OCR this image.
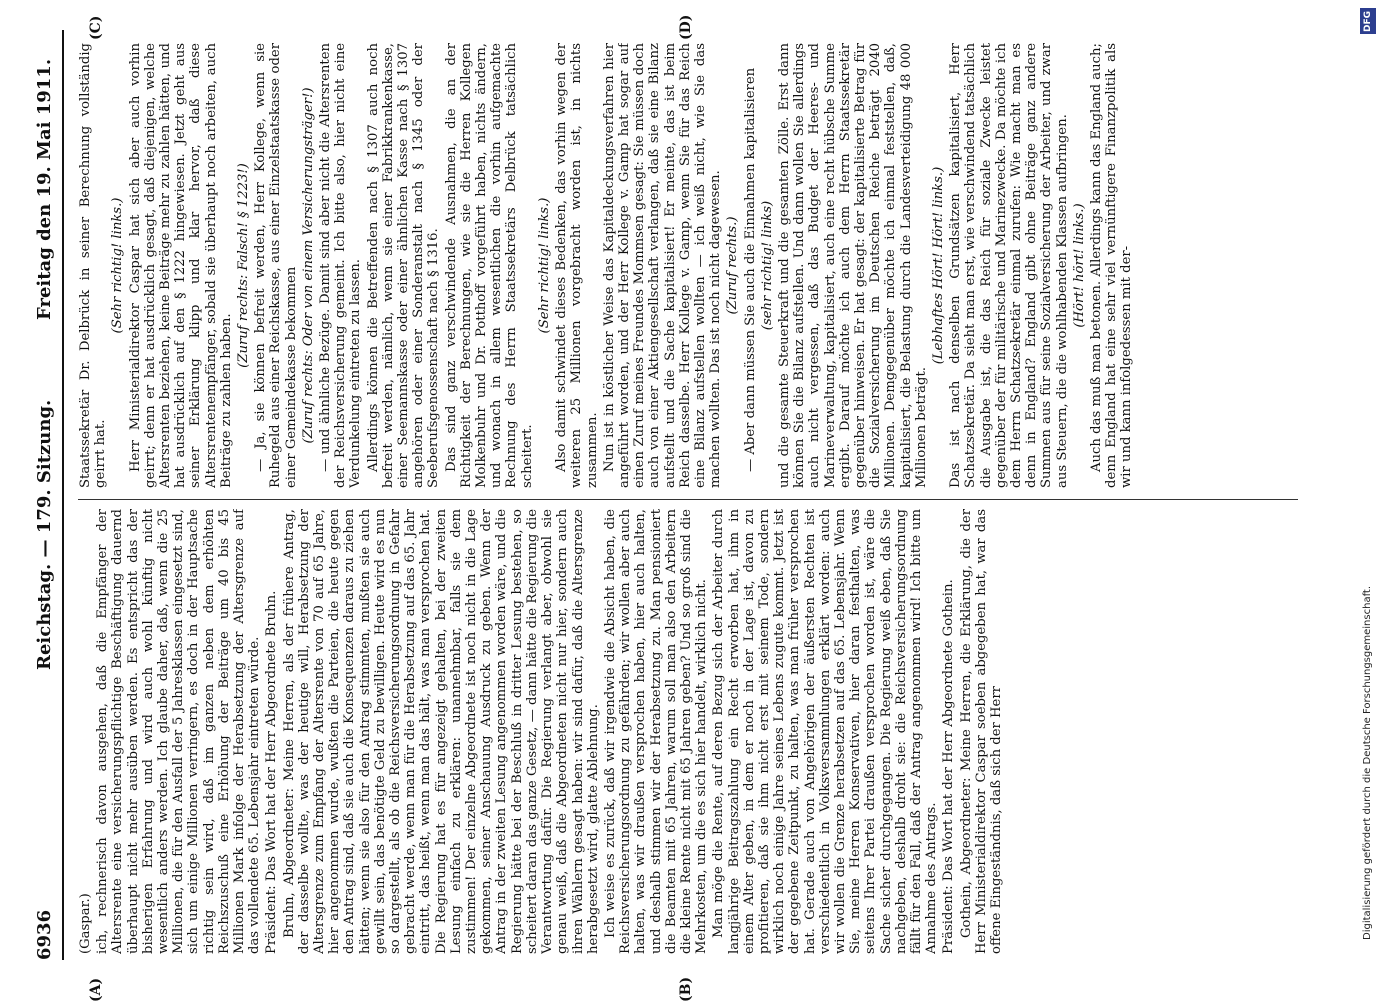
6936
Reichstag. — 179. Sitzung.
Freitag den 19. Mai 1911.
(A)	(B)
(C)	(D)

(Gaspar.) ich, rechnerisch davon ausgehen, daß die Empfänger der Altersrente eine versicherungspflichtige Beschäftigung dauernd überhaupt nicht mehr ausüben werden. Es entspricht das der bisherigen Erfahrung und wird auch wohl künftig nicht wesentlich anders werden. Ich glaube daher, daß, wenn die 25 Millionen, die für den Ausfall der 5 Jahresklassen eingesetzt sind, sich um einige Millionen verringern, es doch in der Hauptsache richtig sein wird, daß im ganzen neben dem erhöhten Reichszuschuß eine Erhöhung der Beiträge um 40 bis 45 Millionen Mark infolge der Herabsetzung der Altersgrenze auf das vollendete 65. Lebensjahr eintreten würde. Präsident: Das Wort hat der Herr Abgeordnete Bruhn. Bruhn, Abgeordneter: Meine Herren, als der frühere Antrag, der dasselbe wollte, was der heutige will, Herabsetzung der Altersgrenze zum Empfang der Altersrente von 70 auf 65 Jahre, hier angenommen wurde, wußten die Parteien, die heute gegen den Antrag sind, daß sie auch die Konsequenzen daraus zu ziehen hätten; wenn sie also für den Antrag stimmten, mußten sie auch gewillt sein, das benötigte Geld zu bewilligen. Heute wird es nun so dargestellt, als ob die Reichsversicherungsordnung in Gefahr gebracht werde, wenn man für die Herabsetzung auf das 65. Jahr eintritt, das heißt, wenn man das hält, was man versprochen hat. Die Regierung hat es für angezeigt gehalten, bei der zweiten Lesung einfach zu erklären: unannehmbar, falls sie dem zustimmen! Der einzelne Abgeordnete ist noch nicht in die Lage gekommen, seiner Anschauung Ausdruck zu geben. Wenn der Antrag in der zweiten Lesung angenommen worden wäre, und die Regierung hätte bei der Beschluß in dritter Lesung bestehen, so scheitert daran das ganze Gesetz, — dann hätte die Regierung die Verantwortung dafür. Die Regierung verlangt aber, obwohl sie genau weiß, daß die Abgeordneten nicht nur hier, sondern auch ihren Wählern gesagt haben: wir sind dafür, daß die Altersgrenze herabgesetzt wird, glatte Ablehnung. Ich weise es zurück, daß wir irgendwie die Absicht haben, die Reichsversicherungsordnung zu gefährden; wir wollen aber auch halten, was wir draußen versprochen haben, hier auch halten, und deshalb stimmen wir der Herabsetzung zu. Man pensioniert die Beamten mit 65 Jahren, warum soll man also den Arbeitern die kleine Rente nicht mit 65 Jahren geben? Und so groß sind die Mehrkosten, um die es sich hier handelt, wirklich nicht. Man möge die Rente, auf deren Bezug sich der Arbeiter durch langjährige Beitragszahlung ein Recht erworben hat, ihm in einem Alter geben, in dem er noch in der Lage ist, davon zu profitieren, daß sie ihm nicht erst mit seinem Tode, sondern wirklich noch einige Jahre seines Lebens zugute kommt. Jetzt ist der gegebene Zeitpunkt, zu halten, was man früher versprochen hat. Gerade auch von Angehörigen der äußersten Rechten ist verschiedentlich in Volksversammlungen erklärt worden: auch wir wollen die Grenze herabsetzen auf das 65. Lebensjahr. Wenn Sie, meine Herren Konservativen, hier daran festhalten, was seitens Ihrer Partei draußen versprochen worden ist, wäre die Sache sicher durchgegangen. Die Regierung weiß eben, daß Sie nachgeben, deshalb droht sie: die Reichsversicherungsordnung fällt für den Fall, daß der Antrag angenommen wird! Ich bitte um Annahme des Antrags. Präsident: Das Wort hat der Herr Abgeordnete Gothein. Gothein, Abgeordneter: Meine Herren, die Erklärung, die der Herr Ministerialdirektor Caspar soeben abgegeben hat, war das offene Eingeständnis, daß sich der Herr

Staatssekretär Dr. Delbrück in seiner Berechnung vollständig geirrt hat.

(Sehr richtig! links.) Herr Ministerialdirektor Caspar hat sich aber auch vorhin geirrt; denn er hat ausdrücklich gesagt, daß diejenigen, welche Altersrenten beziehen, keine Beiträge mehr zu zahlen hätten, und hat ausdrücklich auf den § 1222 hingewiesen. Jetzt geht aus seiner Erklärung klipp und klar hervor, daß diese Altersrentenempfänger, sobald sie überhaupt noch arbeiten, auch Beiträge zu zahlen haben.

(Zuruf rechts: Falsch! § 1223!) — Ja, sie können befreit werden, Herr Kollege, wenn sie Ruhegeld aus einer Reichskasse, aus einer Einzelstaatskasse oder einer Gemeindekasse bekommen (Zuruf rechts: Oder von einem Versicherungsträger!) — und ähnliche Bezüge. Damit sind aber nicht die Altersrenten der Reichsversicherung gemeint. Ich bitte also, hier nicht eine Verdunkelung eintreten zu lassen. Allerdings können die Betreffenden nach § 1307 auch noch befreit werden, nämlich, wenn sie einer Fabrikkrankenkasse, einer Seemannskasse oder einer ähnlichen Kasse nach § 1307 angehören oder einer Sonderanstalt nach § 1345 oder der Seeberufsgenossenschaft nach § 1316. Das sind ganz verschwindende Ausnahmen, die an der Richtigkeit der Berechnungen, wie sie die Herren Kollegen Molkenbuhr und Dr. Potthoff vorgeführt haben, nichts ändern, und wonach in allem wesentlichen die vorhin aufgemachte Rechnung des Herrn Staatssekretärs Delbrück tatsächlich scheitert.

(Sehr richtig! links.) Also damit schwindet dieses Bedenken, das vorhin wegen der weiteren 25 Millionen vorgebracht worden ist, in nichts zusammen. Nun ist in köstlicher Weise das Kapitaldeckungsverfahren hier angeführt worden, und der Herr Kollege v. Gamp hat sogar auf einen Zuruf meines Freundes Mommsen gesagt: Sie müssen doch auch von einer Aktiengesellschaft verlangen, daß sie eine Bilanz aufstellt und die Sache kapitalisiert! Er meinte, das ist beim Reich dasselbe. Herr Kollege v. Gamp, wenn Sie für das Reich eine Bilanz aufstellen wollten — ich weiß nicht, wie Sie das machen wollten. Das ist noch nicht dagewesen. (Zuruf rechts.) — Aber dann müssen Sie auch die Einnahmen kapitalisieren (sehr richtig! links) und die gesamte Steuerkraft und die gesamten Zölle. Erst dann können Sie die Bilanz aufstellen. Und dann wollen Sie allerdings auch nicht vergessen, daß das Budget der Heeres- und Marineverwaltung, kapitalisiert, auch eine recht hübsche Summe ergibt. Darauf möchte ich auch dem Herrn Staatssekretär gegenüber hinweisen. Er hat gesagt: der kapitalisierte Betrag für die Sozialversicherung im Deutschen Reiche beträgt 2040 Millionen. Demgegenüber möchte ich einmal feststellen, daß, kapitalisiert, die Belastung durch die Landesverteidigung 48 000 Millionen beträgt.

(Lebhaftes Hört! Hört! links.) Das ist nach denselben Grundsätzen kapitalisiert, Herr Schatzsekretär. Da sieht man erst, wie verschwindend tatsächlich die Ausgabe ist, die das Reich für soziale Zwecke leistet gegenüber der für militärische und Marinezwecke. Da möchte ich dem Herrn Schatzsekretär einmal zurufen: Wie macht man es denn in England? England gibt ohne Beiträge ganz andere Summen aus für seine Sozialversicherung der Arbeiter, und zwar aus Steuern, die die wohlhabenden Klassen aufbringen. (Hört! hört! links.) Auch das muß man betonen. Allerdings kann das England auch; denn England hat eine sehr viel vernünftigere Finanzpolitik als wir und kann infolgedessen mit der-

DFG
Digitalisierung gefördert durch die Deutsche Forschungsgemeinschaft.
